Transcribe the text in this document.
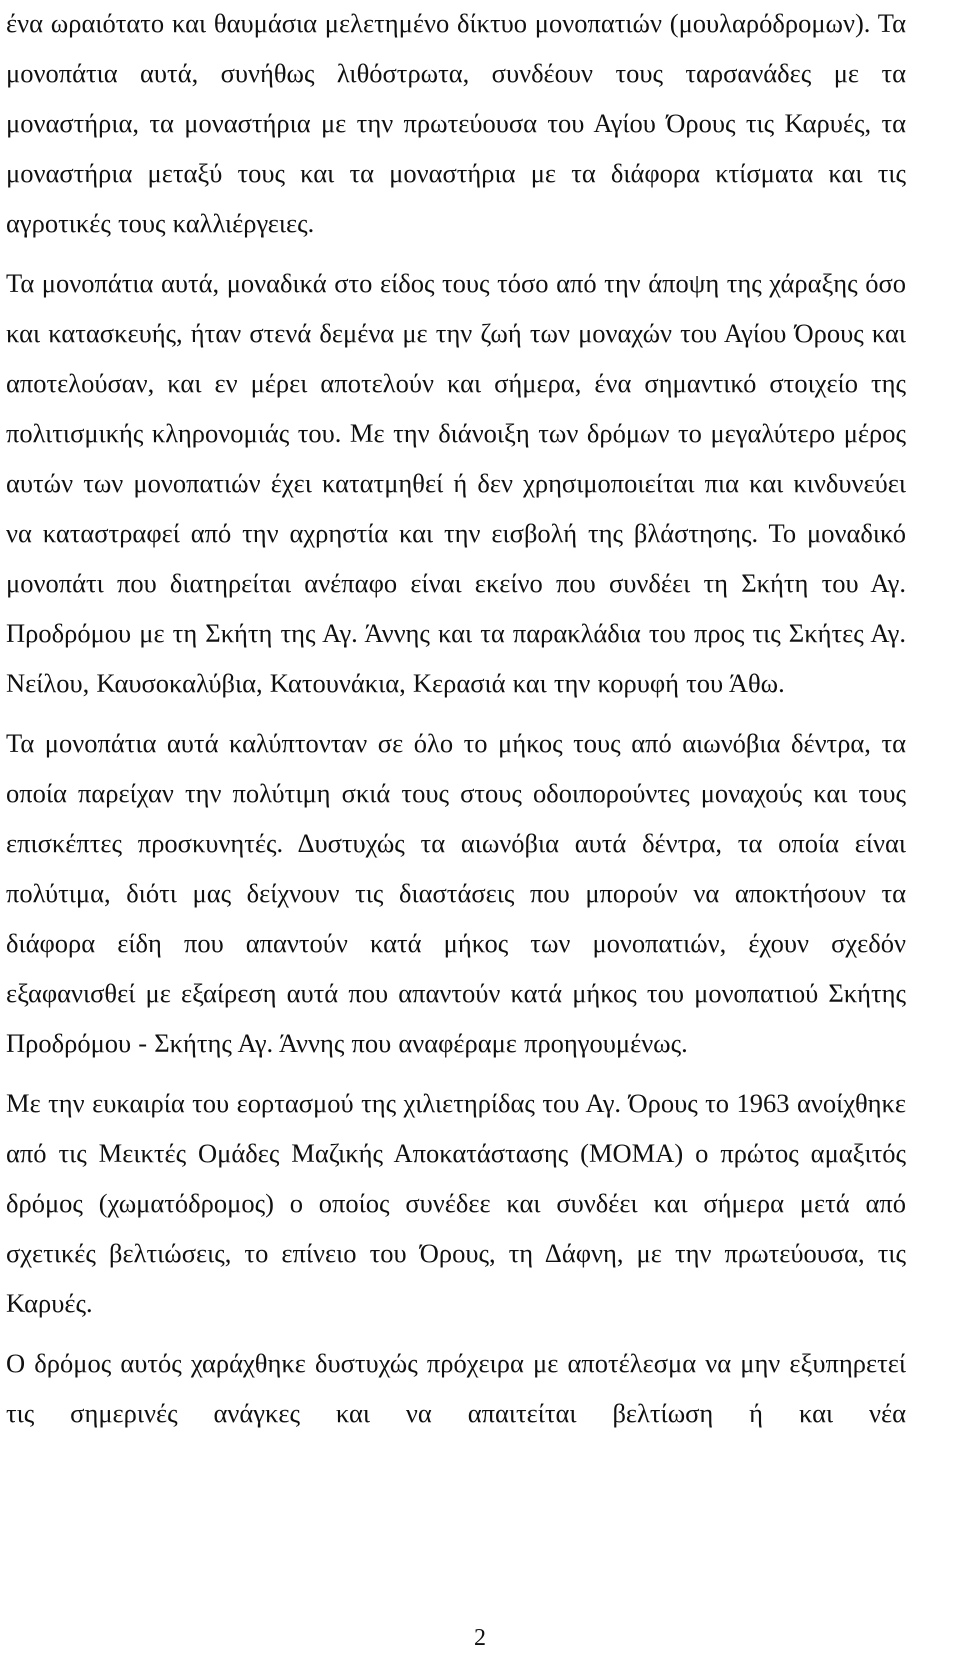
ένα ωραιότατο και θαυμάσια μελετημένο δίκτυο μονοπατιών (μουλαρόδρομων). Τα μονοπάτια αυτά, συνήθως λιθόστρωτα, συνδέουν τους ταρσανάδες με τα μοναστήρια, τα μοναστήρια με την πρωτεύουσα του Αγίου Όρους τις Καρυές, τα μοναστήρια μεταξύ τους και τα μοναστήρια με τα διάφορα κτίσματα και τις αγροτικές τους καλλιέργειες.

Τα μονοπάτια αυτά, μοναδικά στο είδος τους τόσο από την άποψη της χάραξης όσο και κατασκευής, ήταν στενά δεμένα με την ζωή των μοναχών του Αγίου Όρους και αποτελούσαν, και εν μέρει αποτελούν και σήμερα, ένα σημαντικό στοιχείο της πολιτισμικής κληρονομιάς του. Με την διάνοιξη των δρόμων το μεγαλύτερο μέρος αυτών των μονοπατιών έχει κατατμηθεί ή δεν χρησιμοποιείται πια και κινδυνεύει να καταστραφεί από την αχρηστία και την εισβολή της βλάστησης. Το μοναδικό μονοπάτι που διατηρείται ανέπαφο είναι εκείνο που συνδέει τη Σκήτη του Αγ. Προδρόμου με τη Σκήτη της Αγ. Άννης και τα παρακλάδια του προς τις Σκήτες Αγ. Νείλου, Καυσοκαλύβια, Κατουνάκια, Κερασιά και την κορυφή του Άθω.

Τα μονοπάτια αυτά καλύπτονταν σε όλο το μήκος τους από αιωνόβια δέντρα, τα οποία παρείχαν την πολύτιμη σκιά τους στους οδοιπορούντες μοναχούς και τους επισκέπτες προσκυνητές. Δυστυχώς τα αιωνόβια αυτά δέντρα, τα οποία είναι πολύτιμα, διότι μας δείχνουν τις διαστάσεις που μπορούν να αποκτήσουν τα διάφορα είδη που απαντούν κατά μήκος των μονοπατιών, έχουν σχεδόν εξαφανισθεί με εξαίρεση αυτά που απαντούν κατά μήκος του μονοπατιού Σκήτης Προδρόμου - Σκήτης Αγ. Άννης που αναφέραμε προηγουμένως.

Με την ευκαιρία του εορτασμού της χιλιετηρίδας του Αγ. Όρους το 1963 ανοίχθηκε από τις Μεικτές Ομάδες Μαζικής Αποκατάστασης (ΜΟΜΑ) ο πρώτος αμαξιτός δρόμος (χωματόδρομος) ο οποίος συνέδεε και συνδέει και σήμερα μετά από σχετικές βελτιώσεις, το επίνειο του Όρους, τη Δάφνη, με την πρωτεύουσα, τις Καρυές.

Ο δρόμος αυτός χαράχθηκε δυστυχώς πρόχειρα με αποτέλεσμα να μην εξυπηρετεί τις σημερινές ανάγκες και να απαιτείται βελτίωση ή και νέα

2
